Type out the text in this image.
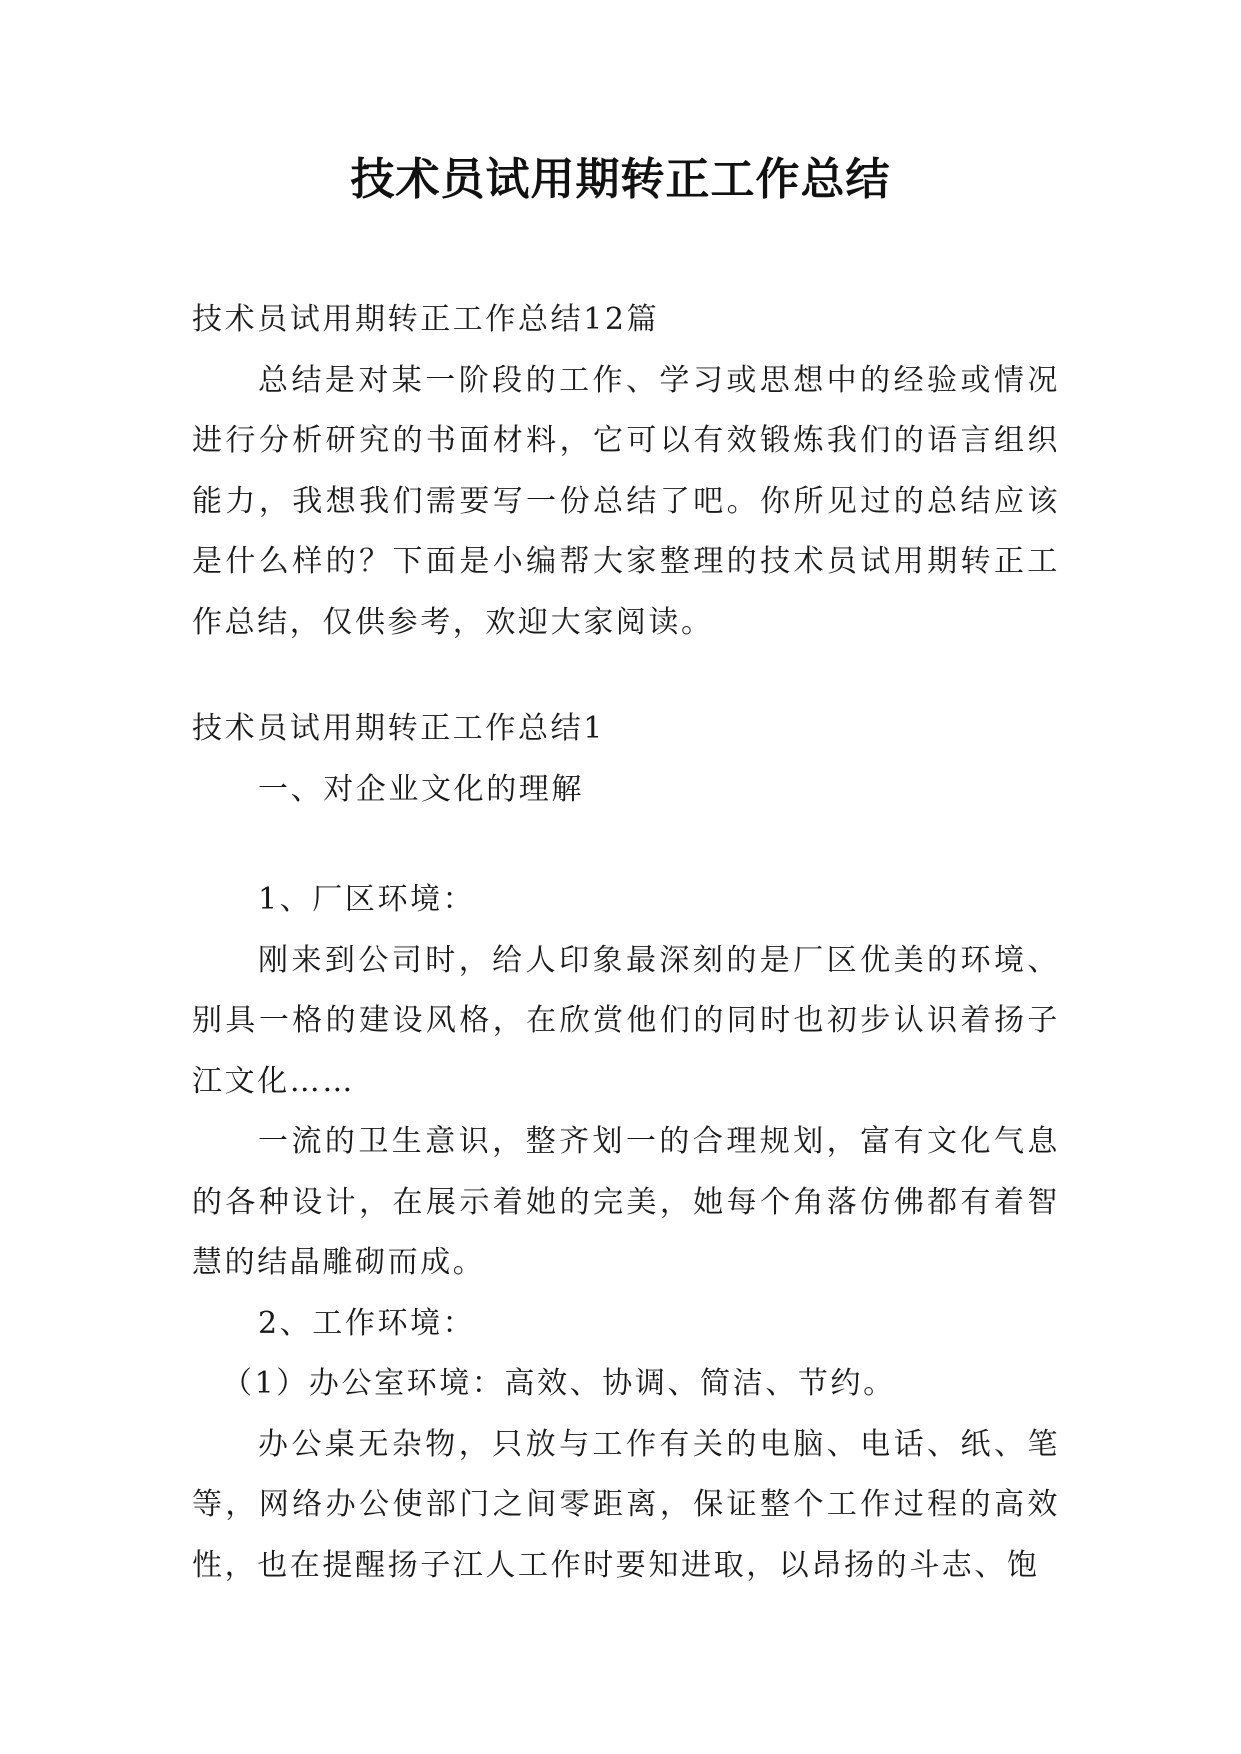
技术员试用期转正工作总结

技术员试用期转正工作总结12篇

总结是对某一阶段的工作、学习或思想中的经验或情况进行分析研究的书面材料，它可以有效锻炼我们的语言组织能力，我想我们需要写一份总结了吧。你所见过的总结应该是什么样的？下面是小编帮大家整理的技术员试用期转正工作总结，仅供参考，欢迎大家阅读。

技术员试用期转正工作总结1

一、对企业文化的理解

1、厂区环境：

刚来到公司时，给人印象最深刻的是厂区优美的环境、别具一格的建设风格，在欣赏他们的同时也初步认识着扬子江文化……

一流的卫生意识，整齐划一的合理规划，富有文化气息的各种设计，在展示着她的完美，她每个角落仿佛都有着智慧的结晶雕砌而成。

2、工作环境：

（1）办公室环境：高效、协调、简洁、节约。

办公桌无杂物，只放与工作有关的电脑、电话、纸、笔等，网络办公使部门之间零距离，保证整个工作过程的高效性，也在提醒扬子江人工作时要知进取，以昂扬的斗志、饱
